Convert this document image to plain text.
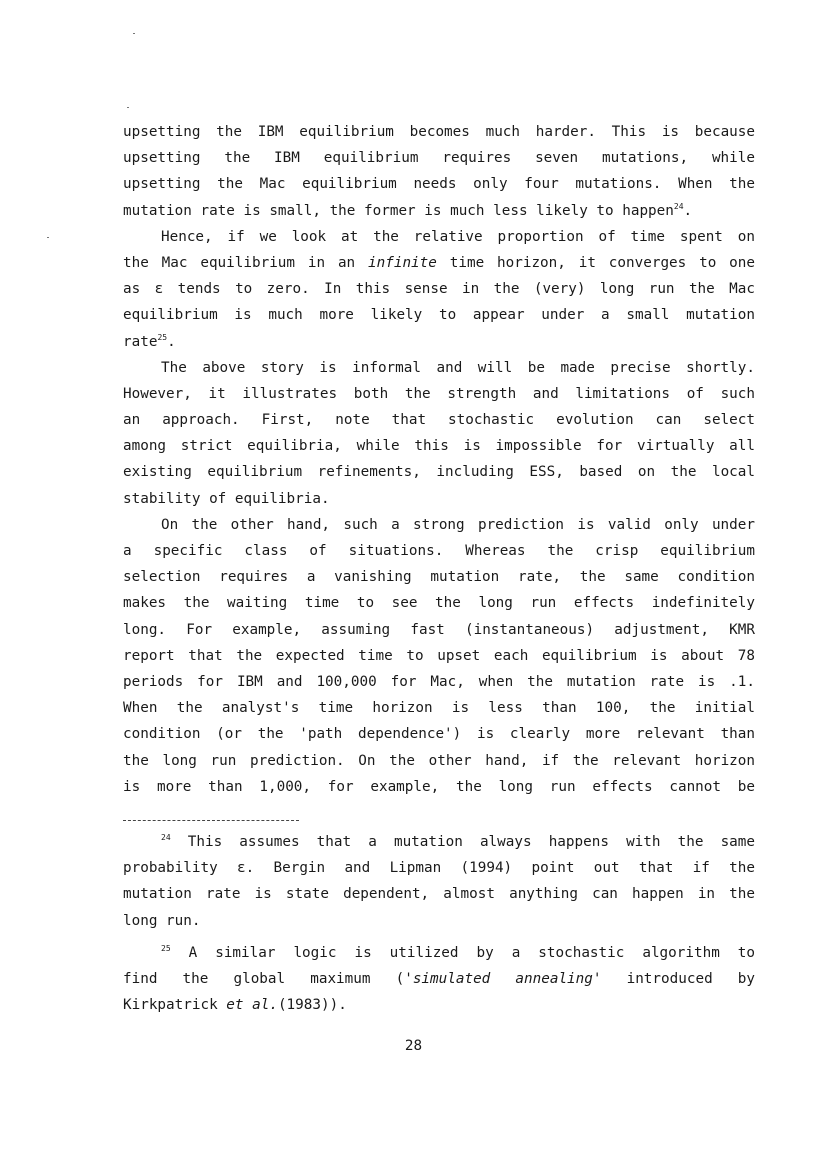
upsetting the IBM equilibrium becomes much harder. This is because
upsetting the IBM equilibrium requires seven mutations, while
upsetting the Mac equilibrium needs only four mutations. When the
mutation rate is small, the former is much less likely to happen$^{24}$.
Hence, if we look at the relative proportion of time spent on
the Mac equilibrium in an infinite time horizon, it converges to one
as ε tends to zero. In this sense in the (very) long run the Mac
equilibrium is much more likely to appear under a small mutation
rate$^{25}$.
The above story is informal and will be made precise shortly.
However, it illustrates both the strength and limitations of such
an approach. First, note that stochastic evolution can select
among strict equilibria, while this is impossible for virtually all
existing equilibrium refinements, including ESS, based on the local
stability of equilibria.
On the other hand, such a strong prediction is valid only under
a specific class of situations. Whereas the crisp equilibrium
selection requires a vanishing mutation rate, the same condition
makes the waiting time to see the long run effects indefinitely
long. For example, assuming fast (instantaneous) adjustment, KMR
report that the expected time to upset each equilibrium is about 78
periods for IBM and 100,000 for Mac, when the mutation rate is .1.
When the analyst's time horizon is less than 100, the initial
condition (or the 'path dependence') is clearly more relevant than
the long run prediction. On the other hand, if the relevant horizon
is more than 1,000, for example, the long run effects cannot be
$^{24}$ This assumes that a mutation always happens with the same
probability ε. Bergin and Lipman (1994) point out that if the
mutation rate is state dependent, almost anything can happen in the
long run.
$^{25}$ A similar logic is utilized by a stochastic algorithm to
find the global maximum ('simulated annealing' introduced by
Kirkpatrick et al.(1983)).
28
